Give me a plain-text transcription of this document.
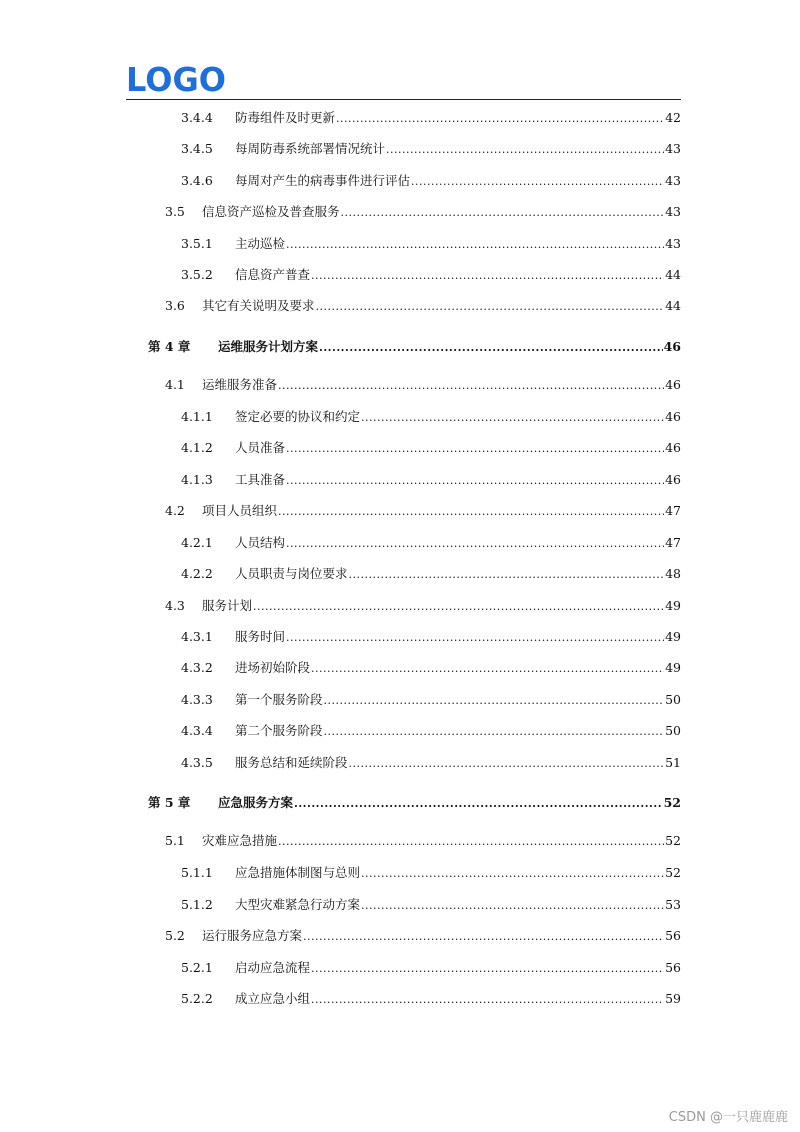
LOGO
3.4.4	防毒组件及时更新 .....	42
3.4.5	每周防毒系统部署情况统计 .....	43
3.4.6	每周对产生的病毒事件进行评估 .....	43
3.5	信息资产巡检及普查服务 .....	43
3.5.1	主动巡检 .....	43
3.5.2	信息资产普查 .....	44
3.6	其它有关说明及要求 .....	44
第 4 章	运维服务计划方案 .....	46
4.1	运维服务准备 .....	46
4.1.1	签定必要的协议和约定 .....	46
4.1.2	人员准备 .....	46
4.1.3	工具准备 .....	46
4.2	项目人员组织 .....	47
4.2.1	人员结构 .....	47
4.2.2	人员职责与岗位要求 .....	48
4.3	服务计划 .....	49
4.3.1	服务时间 .....	49
4.3.2	进场初始阶段 .....	49
4.3.3	第一个服务阶段 .....	50
4.3.4	第二个服务阶段 .....	50
4.3.5	服务总结和延续阶段 .....	51
第 5 章	应急服务方案 .....	52
5.1	灾难应急措施 .....	52
5.1.1	应急措施体制图与总则 .....	52
5.1.2	大型灾难紧急行动方案 .....	53
5.2	运行服务应急方案 .....	56
5.2.1	启动应急流程 .....	56
5.2.2	成立应急小组 .....	59
CSDN @一只鹿鹿鹿
